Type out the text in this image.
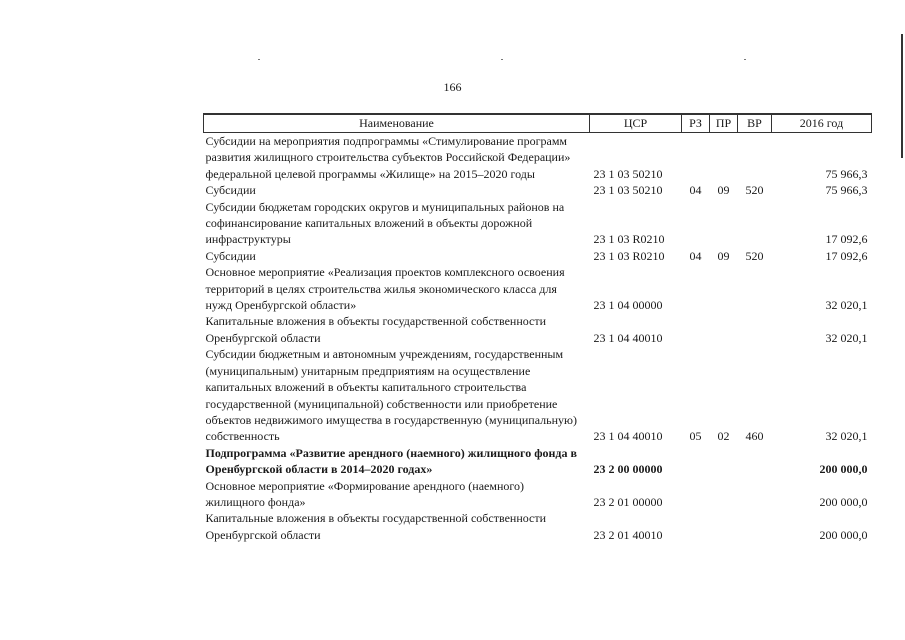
166
Наименование	ЦСР	РЗ	ПР	ВР	2016 год
Субсидии на мероприятия подпрограммы «Стимулирование программ развития жилищного строительства субъектов Российской Федерации» федеральной целевой программы «Жилище» на 2015–2020 годы	23 1 03 50210				75 966,3
Субсидии	23 1 03 50210	04	09	520	75 966,3
Субсидии бюджетам городских округов и муниципальных районов на софинансирование капитальных вложений в объекты дорожной инфраструктуры	23 1 03 R0210				17 092,6
Субсидии	23 1 03 R0210	04	09	520	17 092,6
Основное мероприятие «Реализация проектов комплексного освоения территорий в целях строительства жилья экономического класса для нужд Оренбургской области»	23 1 04 00000				32 020,1
Капитальные вложения в объекты государственной собственности Оренбургской области	23 1 04 40010				32 020,1
Субсидии бюджетным и автономным учреждениям, государственным (муниципальным) унитарным предприятиям на осуществление капитальных вложений в объекты капитального строительства государственной (муниципальной) собственности или приобретение объектов недвижимого имущества в государственную (муниципальную) собственность	23 1 04 40010	05	02	460	32 020,1
Подпрограмма «Развитие арендного (наемного) жилищного фонда в Оренбургской области в 2014–2020 годах»	23 2 00 00000				200 000,0
Основное мероприятие «Формирование арендного (наемного) жилищного фонда»	23 2 01 00000				200 000,0
Капитальные вложения в объекты государственной собственности Оренбургской области	23 2 01 40010				200 000,0
